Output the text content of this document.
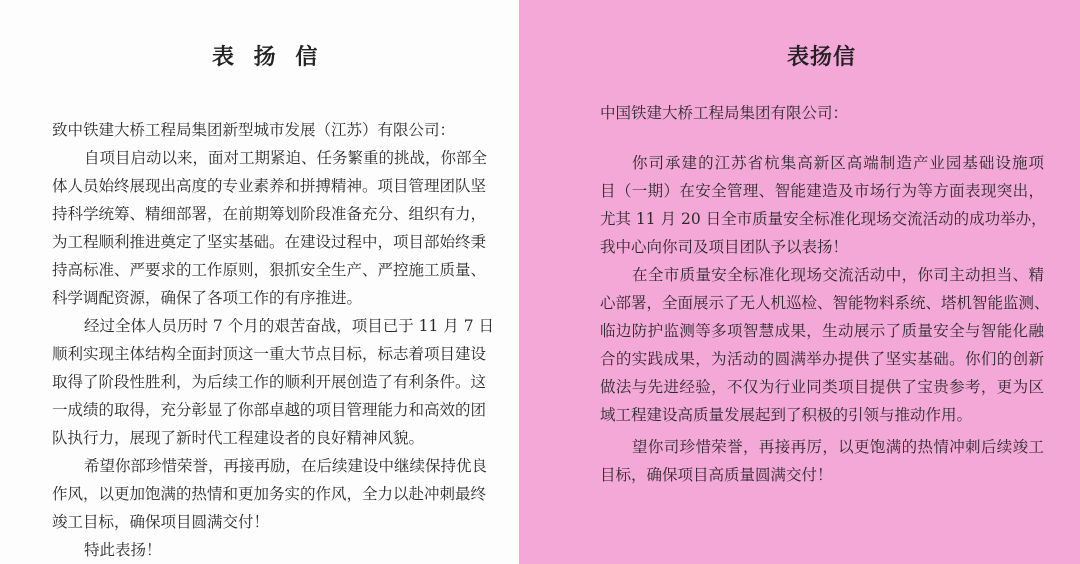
表 扬 信
致中铁建大桥工程局集团新型城市发展（江苏）有限公司：
自项目启动以来，面对工期紧迫、任务繁重的挑战，你部全
体人员始终展现出高度的专业素养和拼搏精神。项目管理团队坚
持科学统筹、精细部署，在前期筹划阶段准备充分、组织有力，
为工程顺利推进奠定了坚实基础。在建设过程中，项目部始终秉
持高标准、严要求的工作原则，狠抓安全生产、严控施工质量、
科学调配资源，确保了各项工作的有序推进。
经过全体人员历时 7 个月的艰苦奋战，项目已于 11 月 7 日
顺利实现主体结构全面封顶这一重大节点目标，标志着项目建设
取得了阶段性胜利，为后续工作的顺利开展创造了有利条件。这
一成绩的取得，充分彰显了你部卓越的项目管理能力和高效的团
队执行力，展现了新时代工程建设者的良好精神风貌。
希望你部珍惜荣誉，再接再励，在后续建设中继续保持优良
作风，以更加饱满的热情和更加务实的作风，全力以赴冲刺最终
竣工目标，确保项目圆满交付！
特此表扬！
表扬信
中国铁建大桥工程局集团有限公司：
你司承建的江苏省杭集高新区高端制造产业园基础设施项
目（一期）在安全管理、智能建造及市场行为等方面表现突出，
尤其 11 月 20 日全市质量安全标准化现场交流活动的成功举办，
我中心向你司及项目团队予以表扬！
在全市质量安全标准化现场交流活动中，你司主动担当、精
心部署，全面展示了无人机巡检、智能物料系统、塔机智能监测、
临边防护监测等多项智慧成果，生动展示了质量安全与智能化融
合的实践成果，为活动的圆满举办提供了坚实基础。你们的创新
做法与先进经验，不仅为行业同类项目提供了宝贵参考，更为区
域工程建设高质量发展起到了积极的引领与推动作用。
望你司珍惜荣誉，再接再厉，以更饱满的热情冲刺后续竣工
目标，确保项目高质量圆满交付！
